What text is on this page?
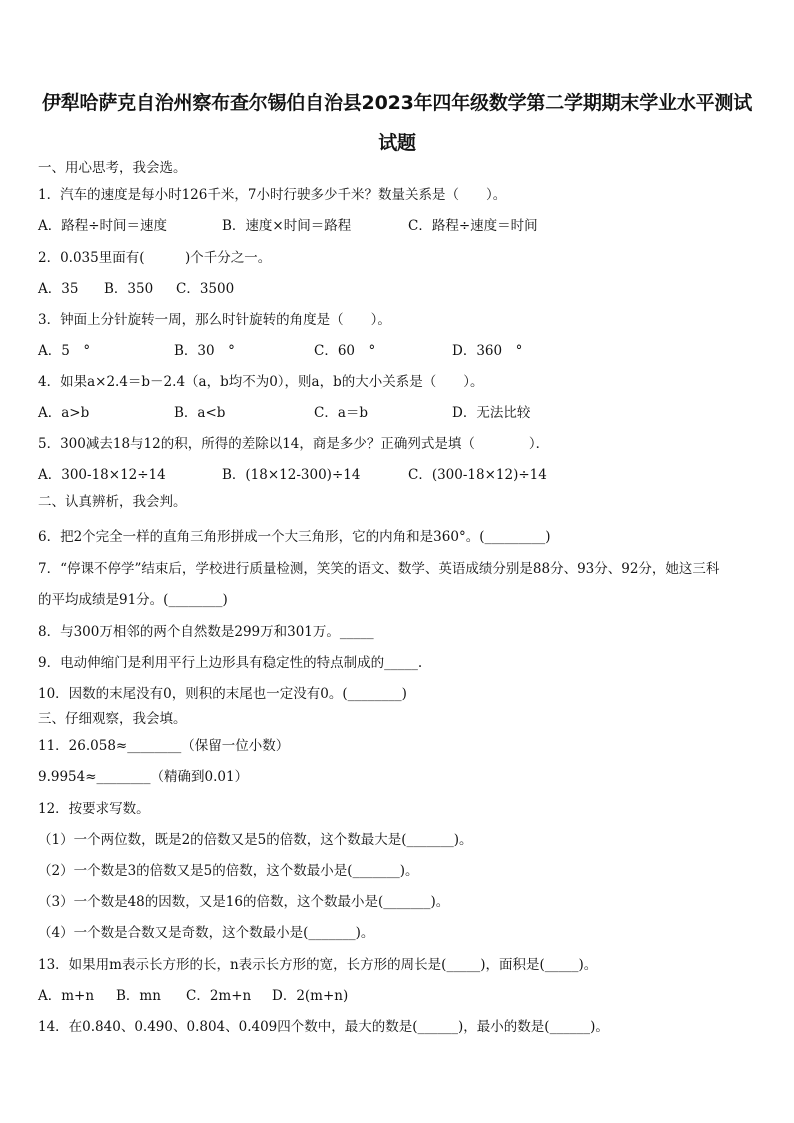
伊犁哈萨克自治州察布查尔锡伯自治县2023年四年级数学第二学期期末学业水平测试
试题
一、用心思考，我会选。
1．汽车的速度是每小时126千米，7小时行驶多少千米？数量关系是（　　）。
A．路程÷时间＝速度	B．速度×时间＝路程	C．路程÷速度＝时间
2．0.035里面有(　　　)个千分之一。
A．35 B．350 C．3500
3．钟面上分针旋转一周，那么时针旋转的角度是（　　）。
A．5　°	B．30　°	C．60　°	D．360　°
4．如果a×2.4＝b－2.4（a，b均不为0），则a，b的大小关系是（　　）。
A．a>b	B．a<b	C．a＝b	D．无法比较
5．300减去18与12的积，所得的差除以14，商是多少？正确列式是填（　　　　）．
A．300-18×12÷14	B．(18×12-300)÷14	C．(300-18×12)÷14
二、认真辨析，我会判。
6．把2个完全一样的直角三角形拼成一个大三角形，它的内角和是360°。(_________)
7．“停课不停学”结束后，学校进行质量检测，笑笑的语文、数学、英语成绩分别是88分、93分、92分，她这三科
的平均成绩是91分。(________)
8．与300万相邻的两个自然数是299万和301万。_____
9．电动伸缩门是利用平行上边形具有稳定性的特点制成的_____.
10．因数的末尾没有0，则积的末尾也一定没有0。(________)
三、仔细观察，我会填。
11．26.058≈________（保留一位小数）
9.9954≈________（精确到0.01）
12．按要求写数。
（1）一个两位数，既是2的倍数又是5的倍数，这个数最大是(_______)。
（2）一个数是3的倍数又是5的倍数，这个数最小是(_______)。
（3）一个数是48的因数，又是16的倍数，这个数最小是(_______)。
（4）一个数是合数又是奇数，这个数最小是(_______)。
13．如果用m表示长方形的长，n表示长方形的宽，长方形的周长是(_____)，面积是(_____)。
A．m+n B．mn C．2m+n D．2(m+n)
14．在0.840、0.490、0.804、0.409四个数中，最大的数是(______)，最小的数是(______)。
